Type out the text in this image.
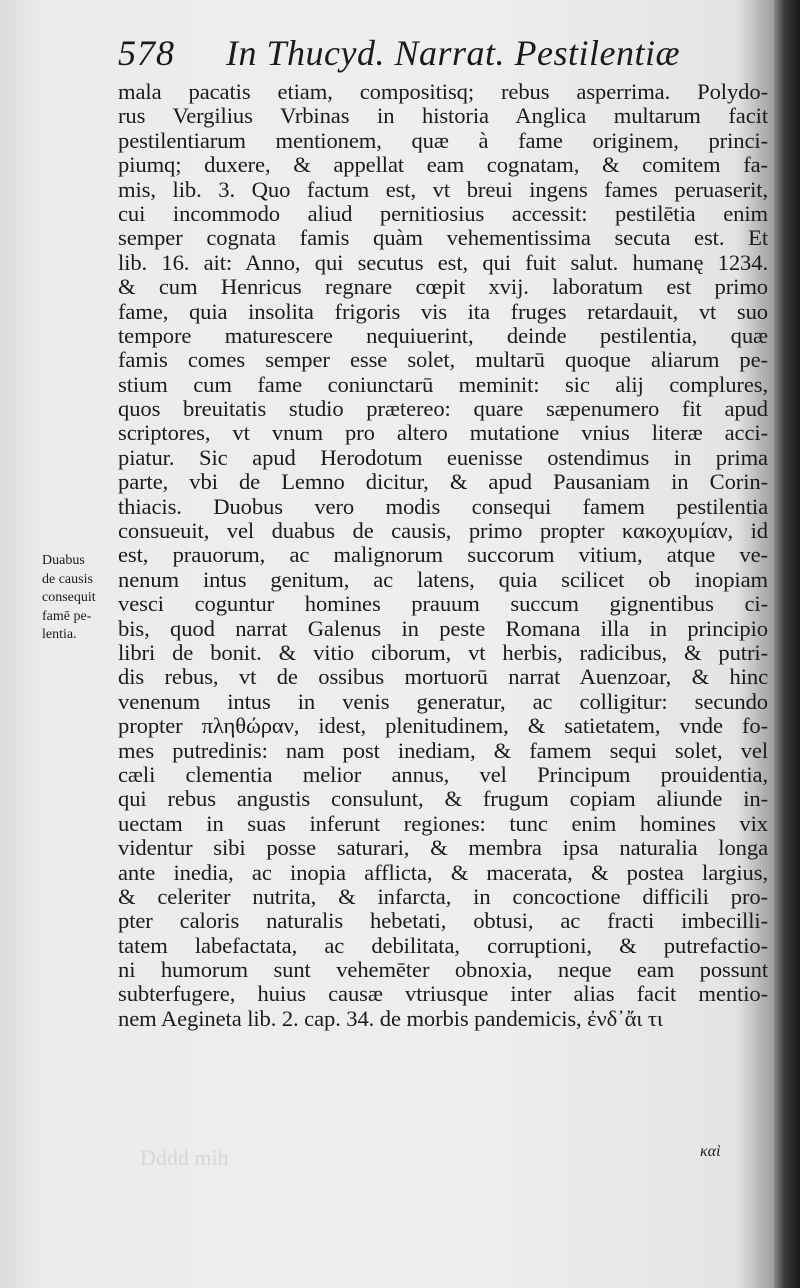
578 In Thucyd. Narrat. Pestilentiæ
Dddd mih
mala pacatis etiam, compositisq; rebus asperrima. Polydo-
rus Vergilius Vrbinas in historia Anglica multarum facit
pestilentiarum mentionem, quæ à fame originem, princi-
piumq; duxere, & appellat eam cognatam, & comitem fa-
mis, lib. 3. Quo factum est, vt breui ingens fames peruaserit,
cui incommodo aliud pernitiosius accessit: pestilētia enim
semper cognata famis quàm vehementissima secuta est. Et
lib. 16. ait: Anno, qui secutus est, qui fuit salut. humanę 1234.
& cum Henricus regnare cœpit xvij. laboratum est primo
fame, quia insolita frigoris vis ita fruges retardauit, vt suo
tempore maturescere nequiuerint, deinde pestilentia, quæ
famis comes semper esse solet, multarū quoque aliarum pe-
stium cum fame coniunctarū meminit: sic alij complures,
quos breuitatis studio prætereo: quare sæpenumero fit apud
scriptores, vt vnum pro altero mutatione vnius literæ acci-
piatur. Sic apud Herodotum euenisse ostendimus in prima
parte, vbi de Lemno dicitur, & apud Pausaniam in Corin-
thiacis. Duobus vero modis consequi famem pestilentia
consueuit, vel duabus de causis, primo propter κακοχυμίαν, id
est, prauorum, ac malignorum succorum vitium, atque ve-
nenum intus genitum, ac latens, quia scilicet ob inopiam
vesci coguntur homines prauum succum gignentibus ci-
bis, quod narrat Galenus in peste Romana illa in principio
libri de bonit. & vitio ciborum, vt herbis, radicibus, & putri-
dis rebus, vt de ossibus mortuorū narrat Auenzoar, & hinc
venenum intus in venis generatur, ac colligitur: secundo
propter πληθώραν, idest, plenitudinem, & satietatem, vnde fo-
mes putredinis: nam post inediam, & famem sequi solet, vel
cæli clementia melior annus, vel Principum prouidentia,
qui rebus angustis consulunt, & frugum copiam aliunde in-
uectam in suas inferunt regiones: tunc enim homines vix
videntur sibi posse saturari, & membra ipsa naturalia longa
ante inedia, ac inopia afflicta, & macerata, & postea largius,
& celeriter nutrita, & infarcta, in concoctione difficili pro-
pter caloris naturalis hebetati, obtusi, ac fracti imbecilli-
tatem labefactata, ac debilitata, corruptioni, & putrefactio-
ni humorum sunt vehemēter obnoxia, neque eam possunt
subterfugere, huius causæ vtriusque inter alias facit mentio-
nem Aegineta lib. 2. cap. 34. de morbis pandemicis, ἐνδ᾽ἄι τι
Duabus
de causis
consequit
famē pe-
lentia.
καὶ
